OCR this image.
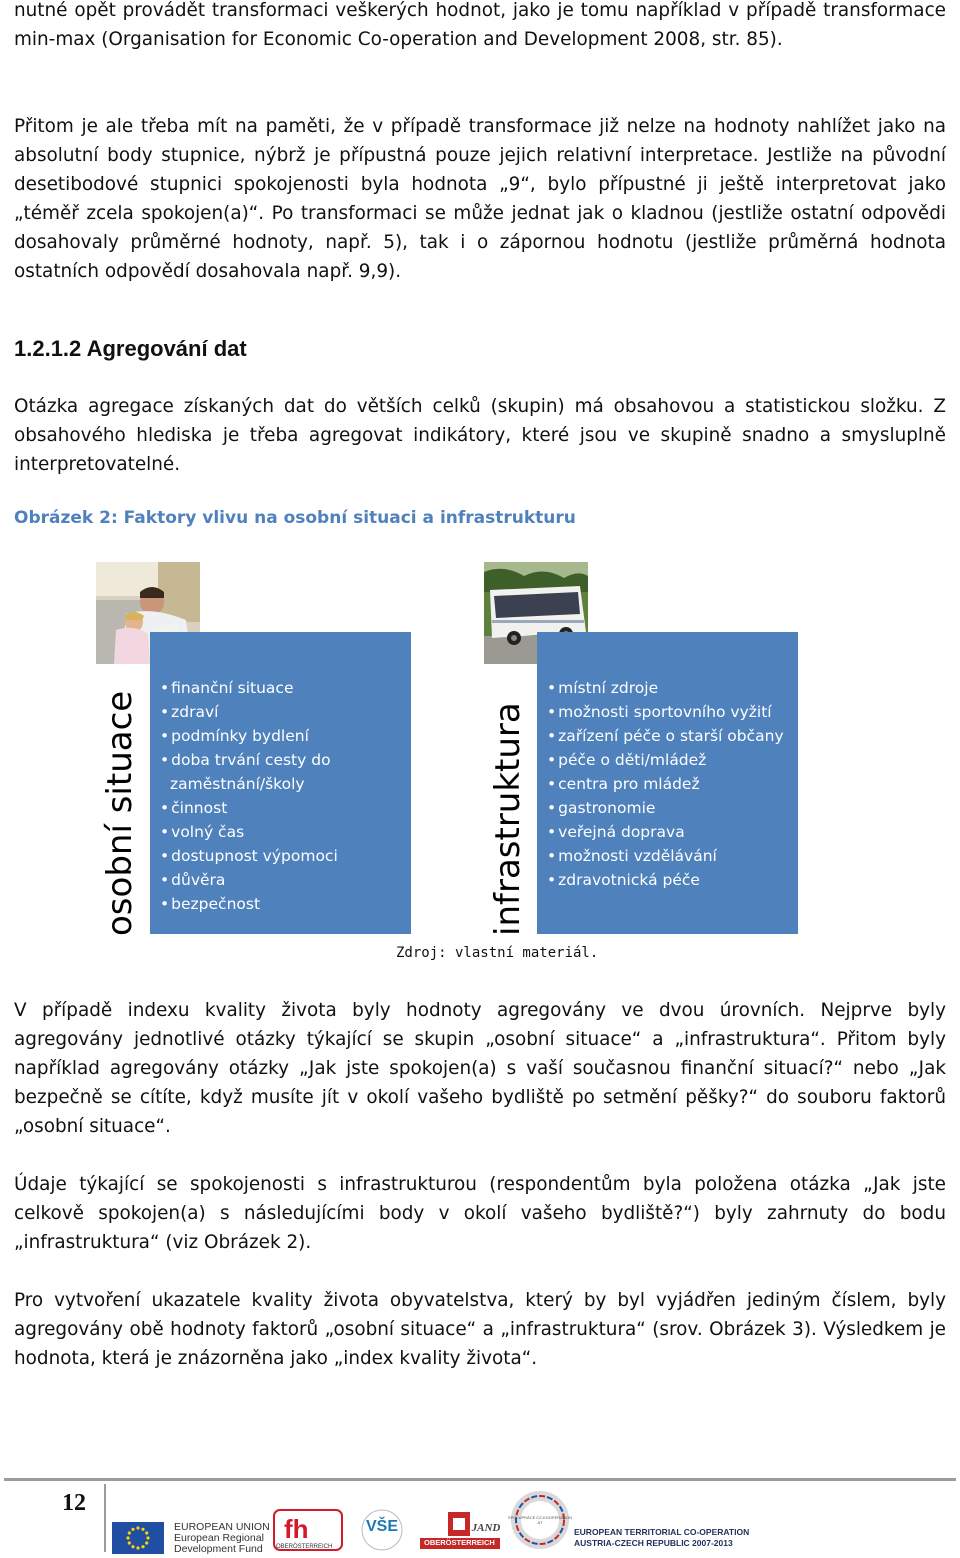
nutné opět provádět transformaci veškerých hodnot, jako je tomu například v případě transformace min-max (Organisation for Economic Co-operation and Development 2008, str. 85).

Přitom je ale třeba mít na paměti, že v případě transformace již nelze na hodnoty nahlížet jako na absolutní body stupnice, nýbrž je přípustná pouze jejich relativní interpretace. Jestliže na původní desetibodové stupnici spokojenosti byla hodnota „9“, bylo přípustné ji ještě interpretovat jako „téměř zcela spokojen(a)“. Po transformaci se může jednat jak o kladnou (jestliže ostatní odpovědi dosahovaly průměrné hodnoty, např. 5), tak i o zápornou hodnotu (jestliže průměrná hodnota ostatních odpovědí dosahovala např. 9,9).

1.2.1.2 Agregování dat

Otázka agregace získaných dat do větších celků (skupin) má obsahovou a statistickou složku. Z obsahového hlediska je třeba agregovat indikátory, které jsou ve skupině snadno a smysluplně interpretovatelné.

Obrázek 2: Faktory vlivu na osobní situaci a infrastrukturu

osobní situace	infrastruktura
• finanční situace
• zdraví
• podmínky bydlení
• doba trvání cesty do zaměstnání/školy
• činnost
• volný čas
• dostupnost výpomoci
• důvěra
• bezpečnost
• místní zdroje
• možnosti sportovního vyžití
• zařízení péče o starší občany
• péče o děti/mládež
• centra pro mládež
• gastronomie
• veřejná doprava
• možnosti vzdělávání
• zdravotnická péče
Zdroj: vlastní materiál.

V případě indexu kvality života byly hodnoty agregovány ve dvou úrovních. Nejprve byly agregovány jednotlivé otázky týkající se skupin „osobní situace“ a „infrastruktura“. Přitom byly například agregovány otázky „Jak jste spokojen(a) s vaší současnou finanční situací?“ nebo „Jak bezpečně se cítíte, když musíte jít v okolí vašeho bydliště po setmění pěšky?“ do souboru faktorů „osobní situace“.

Údaje týkající se spokojenosti s infrastrukturou (respondentům byla položena otázka „Jak jste celkově spokojen(a) s následujícími body v okolí vašeho bydliště?“) byly zahrnuty do bodu „infrastruktura“ (viz Obrázek 2).

Pro vytvoření ukazatele kvality života obyvatelstva, který by byl vyjádřen jediným číslem, byly agregovány obě hodnoty faktorů „osobní situace“ a „infrastruktura“ (srov. Obrázek 3). Výsledkem je hodnota, která je znázorněna jako „index kvality života“.

12
EUROPEAN UNION
European Regional
Development Fund
fh
OBERÖSTERREICH
VŠE
OBERÖSTERREICH
JAND
SPOLUPRÁCE CZ-KOOPERATION AT
EUROPEAN TERRITORIAL CO-OPERATION
AUSTRIA-CZECH REPUBLIC 2007-2013
